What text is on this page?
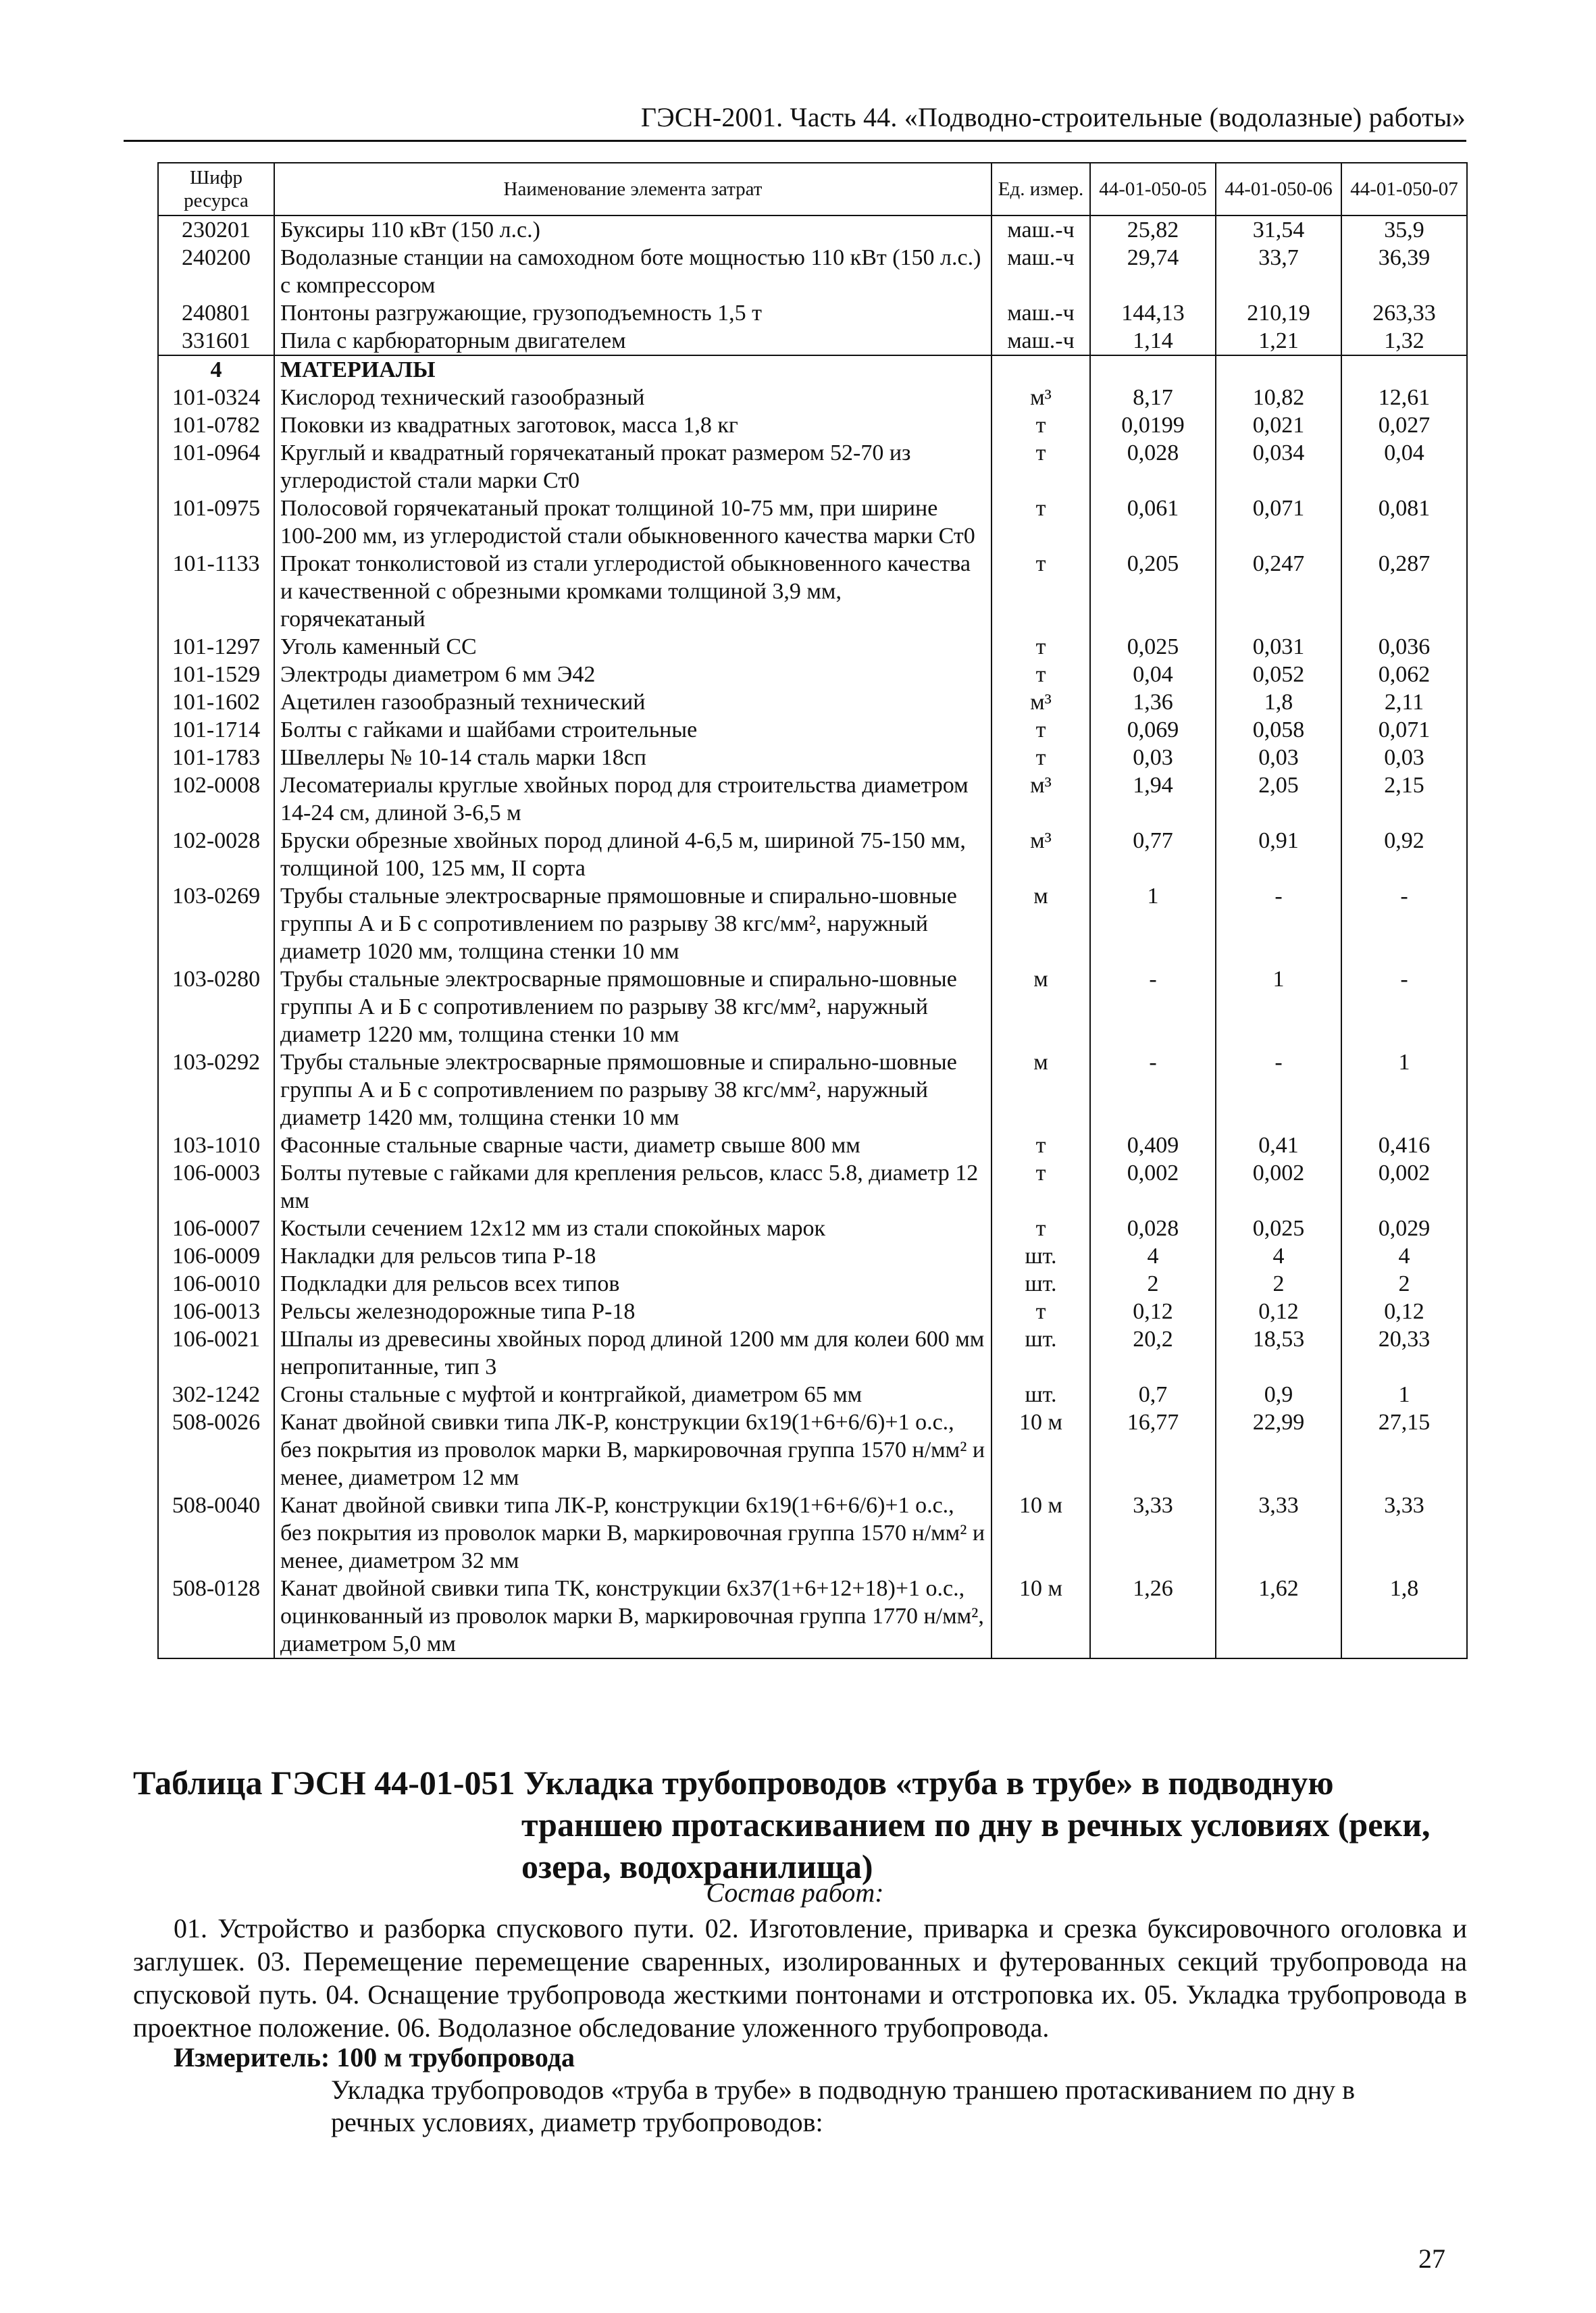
ГЭСН-2001. Часть 44. «Подводно-строительные (водолазные) работы»
Шифр ресурса	Наименование элемента затрат	Ед. измер.	44-01-050-05	44-01-050-06	44-01-050-07
230201	Буксиры 110 кВт (150 л.с.)	маш.-ч	25,82	31,54	35,9
240200	Водолазные станции на самоходном боте мощностью 110 кВт (150 л.с.) с компрессором	маш.-ч	29,74	33,7	36,39
240801	Понтоны разгружающие, грузоподъемность 1,5 т	маш.-ч	144,13	210,19	263,33
331601	Пила с карбюраторным двигателем	маш.-ч	1,14	1,21	1,32
4	МАТЕРИАЛЫ				
101-0324	Кислород технический газообразный	м³	8,17	10,82	12,61
101-0782	Поковки из квадратных заготовок, масса 1,8 кг	т	0,0199	0,021	0,027
101-0964	Круглый и квадратный горячекатаный прокат размером 52-70 из углеродистой стали марки Ст0	т	0,028	0,034	0,04
101-0975	Полосовой горячекатаный прокат толщиной 10-75 мм, при ширине 100-200 мм, из углеродистой стали обыкновенного качества марки Ст0	т	0,061	0,071	0,081
101-1133	Прокат тонколистовой из стали углеродистой обыкновенного качества и качественной с обрезными кромками толщиной 3,9 мм, горячекатаный	т	0,205	0,247	0,287
101-1297	Уголь каменный СС	т	0,025	0,031	0,036
101-1529	Электроды диаметром 6 мм Э42	т	0,04	0,052	0,062
101-1602	Ацетилен газообразный технический	м³	1,36	1,8	2,11
101-1714	Болты с гайками и шайбами строительные	т	0,069	0,058	0,071
101-1783	Швеллеры № 10-14 сталь марки 18сп	т	0,03	0,03	0,03
102-0008	Лесоматериалы круглые хвойных пород для строительства диаметром 14-24 см, длиной 3-6,5 м	м³	1,94	2,05	2,15
102-0028	Бруски обрезные хвойных пород длиной 4-6,5 м, шириной 75-150 мм, толщиной 100, 125 мм, II сорта	м³	0,77	0,91	0,92
103-0269	Трубы стальные электросварные прямошовные и спирально-шовные группы А и Б с сопротивлением по разрыву 38 кгс/мм², наружный диаметр 1020 мм, толщина стенки 10 мм	м	1	-	-
103-0280	Трубы стальные электросварные прямошовные и спирально-шовные группы А и Б с сопротивлением по разрыву 38 кгс/мм², наружный диаметр 1220 мм, толщина стенки 10 мм	м	-	1	-
103-0292	Трубы стальные электросварные прямошовные и спирально-шовные группы А и Б с сопротивлением по разрыву 38 кгс/мм², наружный диаметр 1420 мм, толщина стенки 10 мм	м	-	-	1
103-1010	Фасонные стальные сварные части, диаметр свыше 800 мм	т	0,409	0,41	0,416
106-0003	Болты путевые с гайками для крепления рельсов, класс 5.8, диаметр 12 мм	т	0,002	0,002	0,002
106-0007	Костыли сечением 12х12 мм из стали спокойных марок	т	0,028	0,025	0,029
106-0009	Накладки для рельсов типа Р-18	шт.	4	4	4
106-0010	Подкладки для рельсов всех типов	шт.	2	2	2
106-0013	Рельсы железнодорожные типа Р-18	т	0,12	0,12	0,12
106-0021	Шпалы из древесины хвойных пород длиной 1200 мм для колеи 600 мм непропитанные, тип 3	шт.	20,2	18,53	20,33
302-1242	Сгоны стальные с муфтой и контргайкой, диаметром 65 мм	шт.	0,7	0,9	1
508-0026	Канат двойной свивки типа ЛК-Р, конструкции 6х19(1+6+6/6)+1 о.с., без покрытия из проволок марки В, маркировочная группа 1570 н/мм² и менее, диаметром 12 мм	10 м	16,77	22,99	27,15
508-0040	Канат двойной свивки типа ЛК-Р, конструкции 6х19(1+6+6/6)+1 о.с., без покрытия из проволок марки В, маркировочная группа 1570 н/мм² и менее, диаметром 32 мм	10 м	3,33	3,33	3,33
508-0128	Канат двойной свивки типа ТК, конструкции 6х37(1+6+12+18)+1 о.с., оцинкованный из проволок марки В, маркировочная группа 1770 н/мм², диаметром 5,0 мм	10 м	1,26	1,62	1,8
Таблица ГЭСН 44-01-051 Укладка трубопроводов «труба в трубе» в подводную
траншею протаскиванием по дну в речных условиях (реки, озера, водохранилища)
Состав работ:
01. Устройство и разборка спускового пути. 02. Изготовление, приварка и срезка буксировочного оголовка и заглушек. 03. Перемещение перемещение сваренных, изолированных и футерованных секций трубопровода на спусковой путь. 04. Оснащение трубопровода жесткими понтонами и отстроповка их. 05. Укладка трубопровода в проектное положение. 06. Водолазное обследование уложенного трубопровода.
Измеритель: 100 м трубопровода
Укладка трубопроводов «труба в трубе» в подводную траншею протаскиванием по дну в речных условиях, диаметр трубопроводов:
27
